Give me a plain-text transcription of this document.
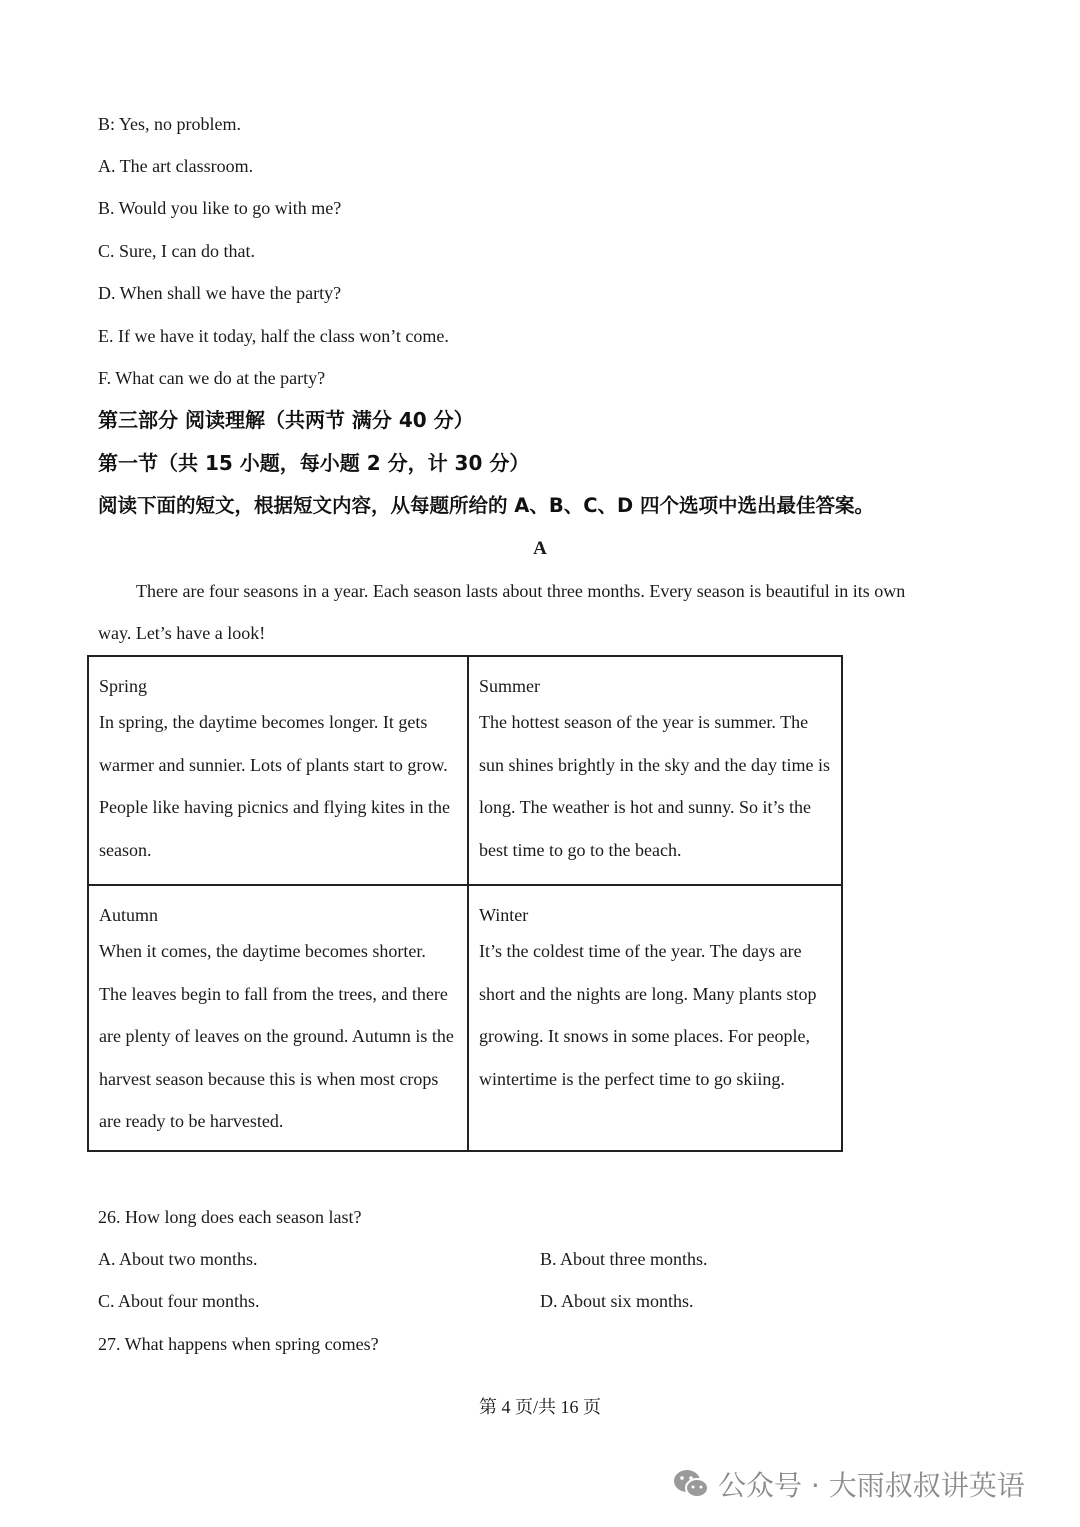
B: Yes, no problem.
A. The art classroom.
B. Would you like to go with me?
C. Sure, I can do that.
D. When shall we have the party?
E. If we have it today, half the class won’t come.
F. What can we do at the party?
第三部分 阅读理解（共两节 满分 40 分）
第一节（共 15 小题，每小题 2 分，计 30 分）
阅读下面的短文，根据短文内容，从每题所给的 A、B、C、D 四个选项中选出最佳答案。
A
There are four seasons in a year. Each season lasts about three months. Every season is beautiful in its own
way. Let’s have a look!
Spring
In spring, the daytime becomes longer. It gets warmer and sunnier. Lots of plants start to grow. People like having picnics and flying kites in the season.
Summer
The hottest season of the year is summer. The sun shines brightly in the sky and the day time is long. The weather is hot and sunny. So it’s the best time to go to the beach.
Autumn
When it comes, the daytime becomes shorter. The leaves begin to fall from the trees, and there are plenty of leaves on the ground. Autumn is the harvest season because this is when most crops are ready to be harvested.
Winter
It’s the coldest time of the year. The days are short and the nights are long. Many plants stop growing. It snows in some places. For people, wintertime is the perfect time to go skiing.
26. How long does each season last?
A. About two months.	B. About three months.
C. About four months.	D. About six months.
27. What happens when spring comes?
第 4 页/共 16 页
公众号 · 大雨叔叔讲英语
